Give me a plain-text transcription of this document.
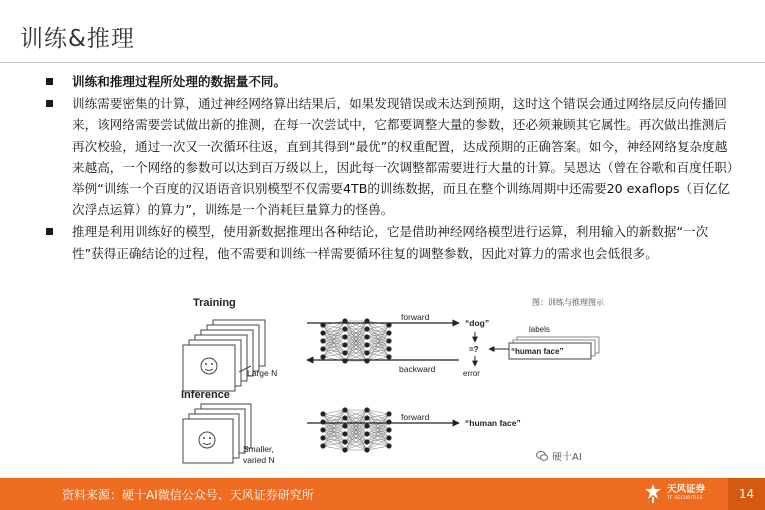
训练&推理
训练和推理过程所处理的数据量不同。
训练需要密集的计算，通过神经网络算出结果后，如果发现错误或未达到预期，这时这个错误会通过网络层反向传播回来，该网络需要尝试做出新的推测，在每一次尝试中，它都要调整大量的参数，还必须兼顾其它属性。再次做出推测后再次校验，通过一次又一次循环往返，直到其得到“最优”的权重配置，达成预期的正确答案。如今，神经网络复杂度越来越高，一个网络的参数可以达到百万级以上，因此每一次调整都需要进行大量的计算。吴恩达（曾在谷歌和百度任职）举例“训练一个百度的汉语语音识别模型不仅需要4TB的训练数据，而且在整个训练周期中还需要20 exaflops（百亿亿次浮点运算）的算力”，训练是一个消耗巨量算力的怪兽。
推理是利用训练好的模型，使用新数据推理出各种结论，它是借助神经网络模型进行运算，利用输入的新数据“一次性”获得正确结论的过程，他不需要和训练一样需要循环往复的调整参数，因此对算力的需求也会低很多。
图：训练与推理图示
Training
Large N
forward
“dog”
backward
=?
error
labels
“human face”
Inference
Smaller,
varied N
forward
“human face”
硬十AI
资料来源：硬十AI微信公众号、天风证券研究所	天风证券
TF SECURITIES	14
